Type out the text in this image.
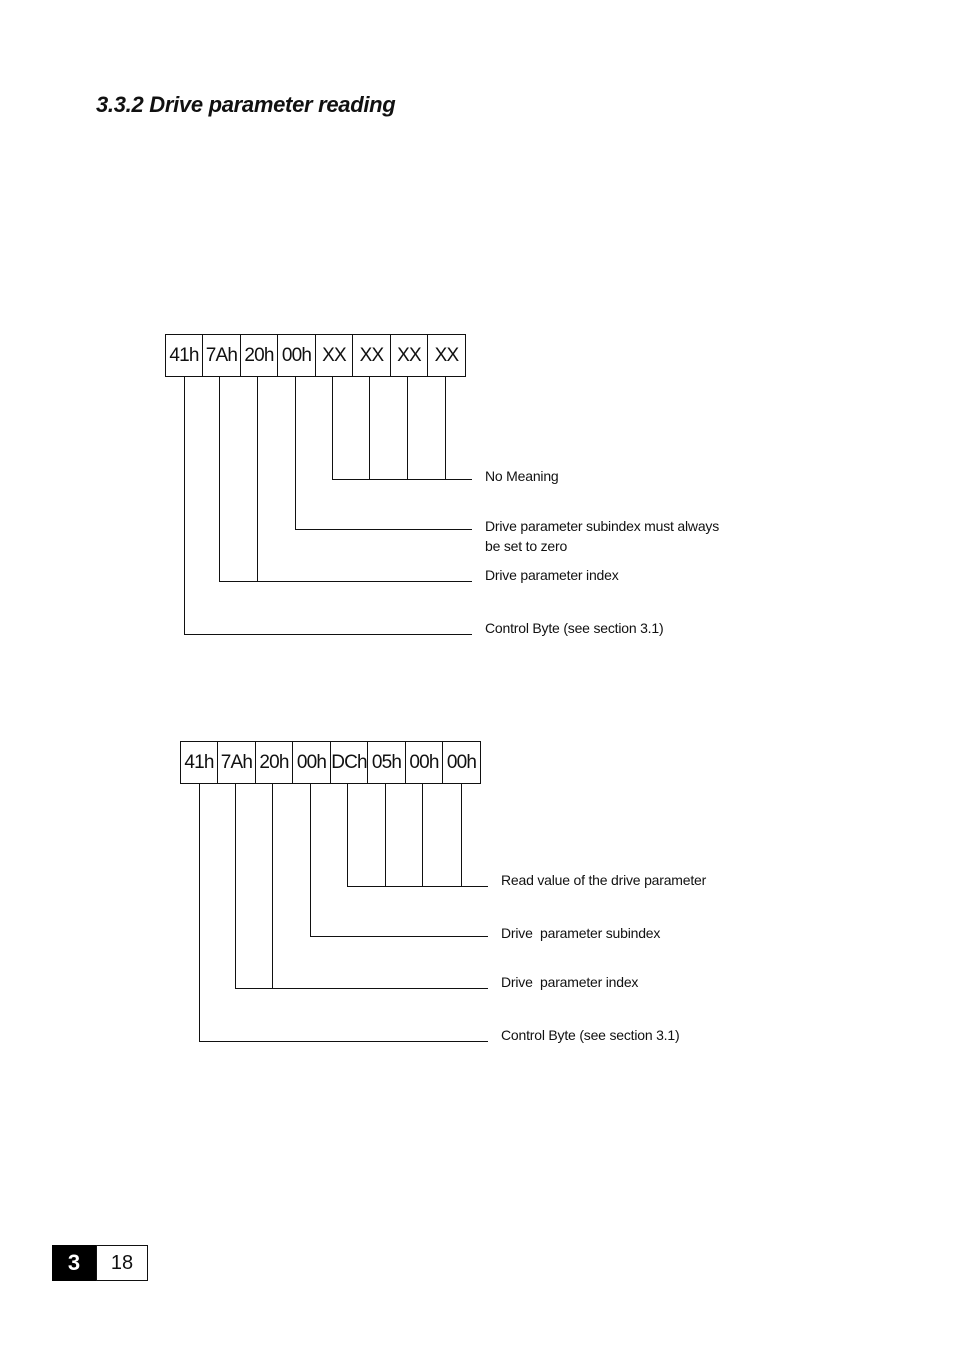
3.3.2 Drive parameter reading
41h 7Ah 20h 00h XX XX XX XX
No Meaning
Drive parameter subindex must always
be set to zero
Drive parameter index
Control Byte (see section 3.1)
41h 7Ah 20h 00h DCh 05h 00h 00h
Read value of the drive parameter
Drive  parameter subindex
Drive  parameter index
Control Byte (see section 3.1)
3	18
